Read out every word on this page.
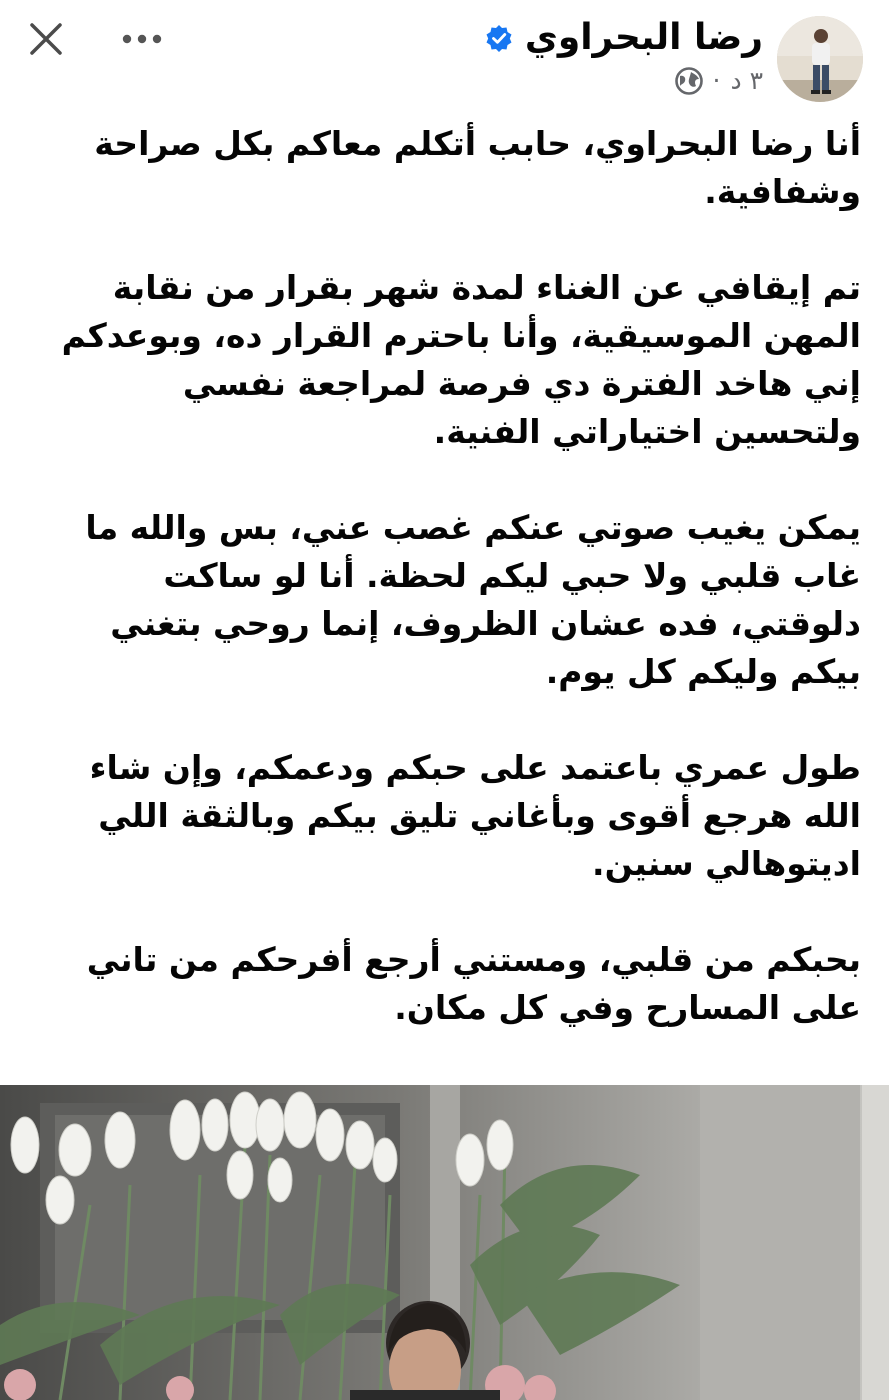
رضا البحراوي
٣ د
·

أنا رضا البحراوي، حابب أتكلم معاكم بكل صراحة وشفافية.

تم إيقافي عن الغناء لمدة شهر بقرار من نقابة المهن الموسيقية، وأنا باحترم القرار ده، وبوعدكم إني هاخد الفترة دي فرصة لمراجعة نفسي ولتحسين اختياراتي الفنية.

يمكن يغيب صوتي عنكم غصب عني، بس والله ما غاب قلبي ولا حبي ليكم لحظة. أنا لو ساكت دلوقتي، فده عشان الظروف، إنما روحي بتغني بيكم وليكم كل يوم.

طول عمري باعتمد على حبكم ودعمكم، وإن شاء الله هرجع أقوى وبأغاني تليق بيكم وبالثقة اللي اديتوهالي سنين.

بحبكم من قلبي، ومستني أرجع أفرحكم من تاني على المسارح وفي كل مكان.
